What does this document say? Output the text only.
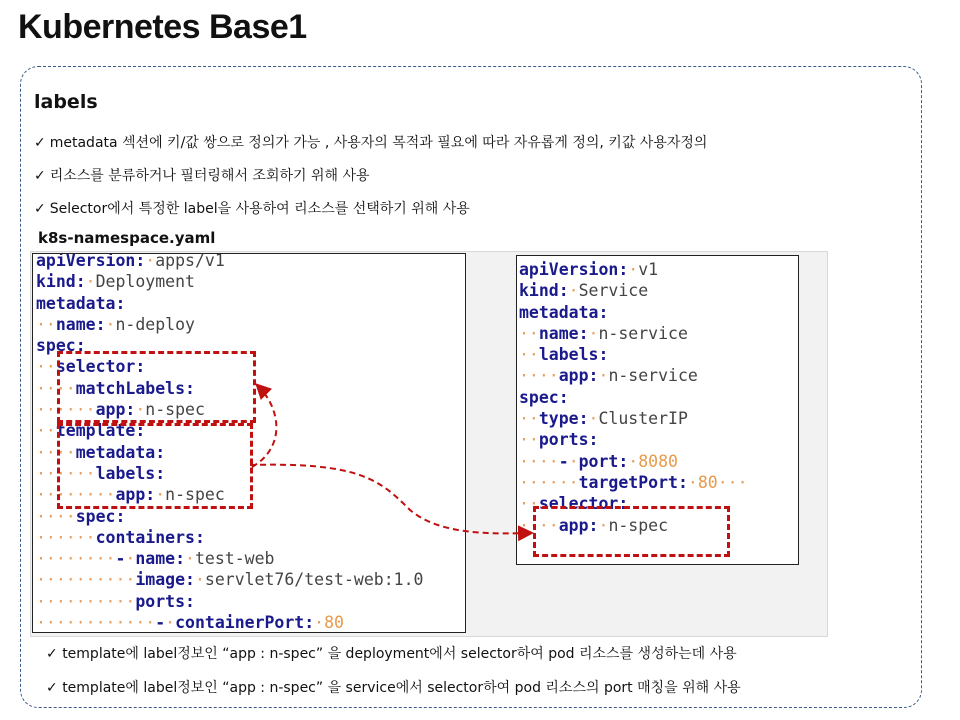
Kubernetes Base1
labels
✓ metadata 섹션에 키/값 쌍으로 정의가 가능 , 사용자의 목적과 필요에 따라 자유롭게 정의, 키값 사용자정의
✓ 리소스를 분류하거나 필터링해서 조회하기 위해 사용
✓ Selector에서 특정한 label을 사용하여 리소스를 선택하기 위해 사용
k8s-namespace.yaml
apiVersion:·apps/v1
kind:·Deployment
metadata:
··name:·n-deploy
spec:
··selector:
····matchLabels:
······app:·n-spec
··template:
····metadata:
······labels:
········app:·n-spec
····spec:
······containers:
········-·name:·test-web
··········image:·servlet76/test-web:1.0
··········ports:
············-·containerPort:·80
apiVersion:·v1
kind:·Service
metadata:
··name:·n-service
··labels:
····app:·n-service
spec:
··type:·ClusterIP
··ports:
····-·port:·8080
······targetPort:·80···
··selector:
····app:·n-spec
✓ template에 label정보인 “app : n-spec” 을 deployment에서 selector하여 pod 리소스를 생성하는데 사용
✓ template에 label정보인 “app : n-spec” 을 service에서 selector하여 pod 리소스의 port 매칭을 위해 사용
